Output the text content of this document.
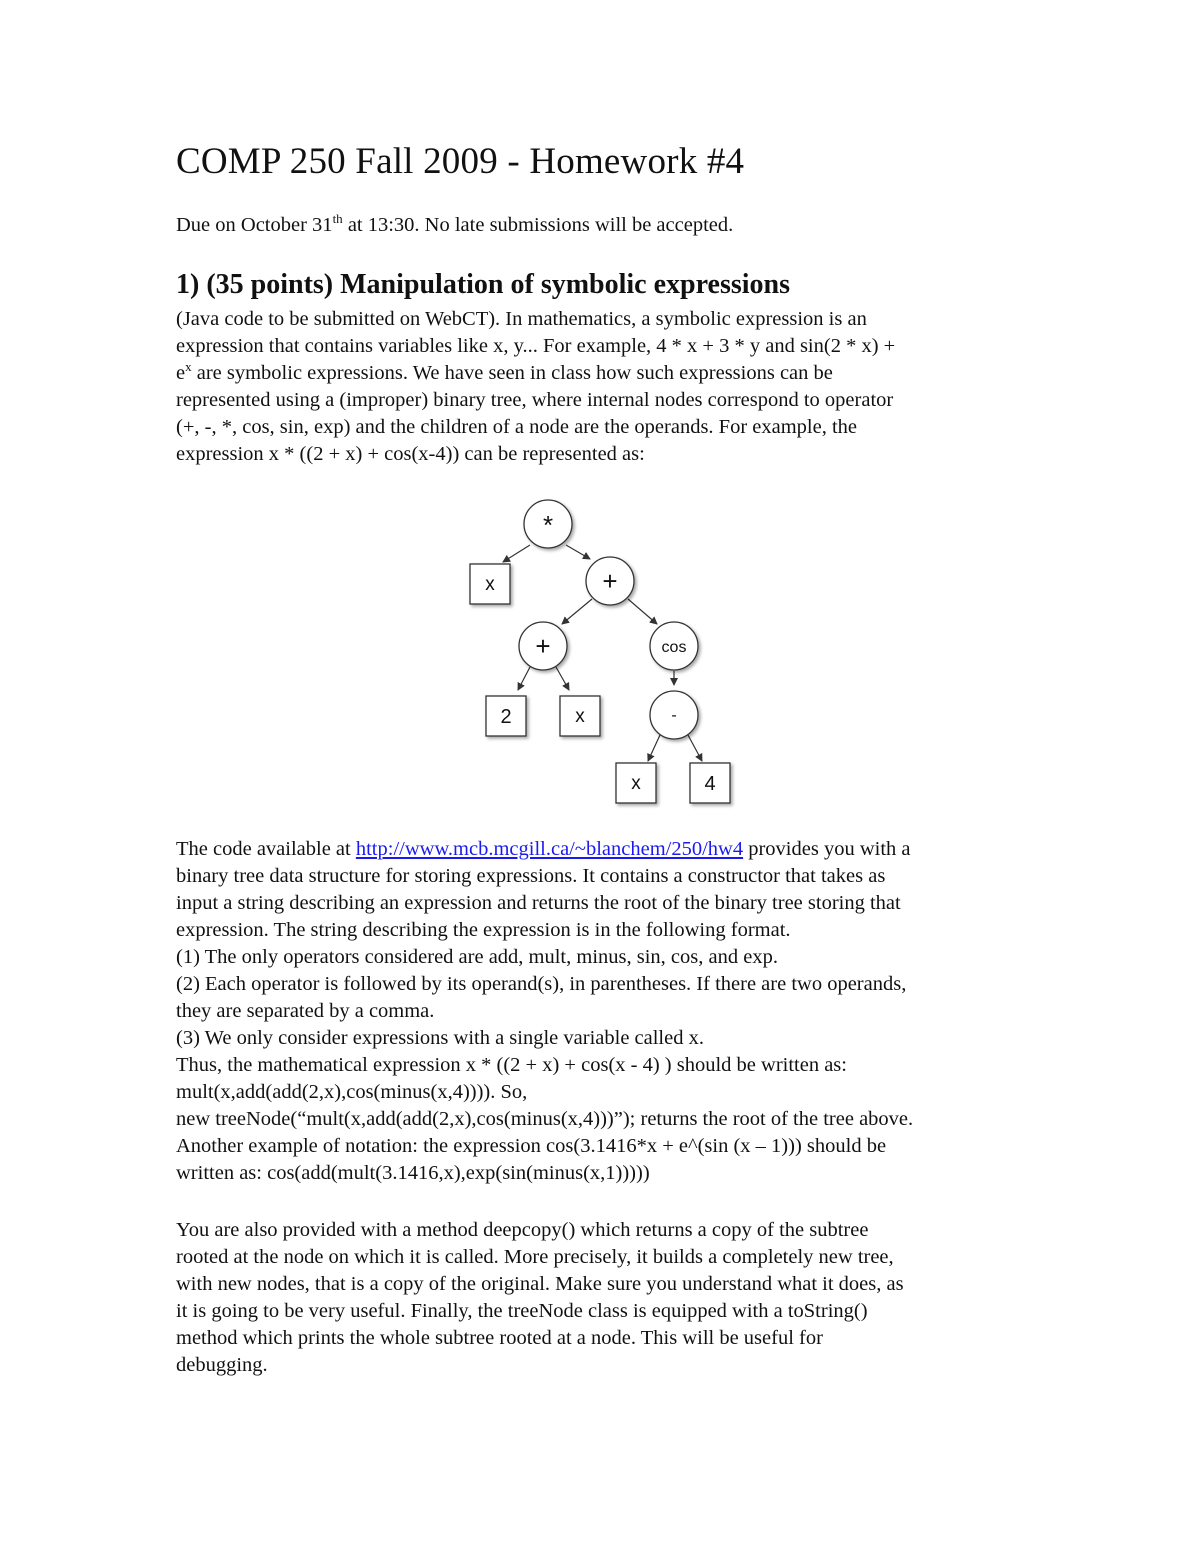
COMP 250 Fall 2009 - Homework #4

Due on October 31th at 13:30. No late submissions will be accepted.

1) (35 points) Manipulation of symbolic expressions
(Java code to be submitted on WebCT). In mathematics, a symbolic expression is an
expression that contains variables like x, y... For example, 4 * x + 3 * y and sin(2 * x) +
$e^x$ are symbolic expressions. We have seen in class how such expressions can be
represented using a (improper) binary tree, where internal nodes correspond to operator
(+, -, *, cos, sin, exp) and the children of a node are the operands. For example, the
expression x * ((2 + x) + cos(x-4)) can be represented as:
*
x	+
+	cos
2	x	-
x	4
The code available at http://www.mcb.mcgill.ca/~blanchem/250/hw4 provides you with a
binary tree data structure for storing expressions. It contains a constructor that takes as
input a string describing an expression and returns the root of the binary tree storing that
expression. The string describing the expression is in the following format.
(1) The only operators considered are add, mult, minus, sin, cos, and exp.
(2) Each operator is followed by its operand(s), in parentheses. If there are two operands,
they are separated by a comma.
(3) We only consider expressions with a single variable called x.
Thus, the mathematical expression x * ((2 + x) + cos(x - 4) ) should be written as:
mult(x,add(add(2,x),cos(minus(x,4)))). So,
new treeNode(“mult(x,add(add(2,x),cos(minus(x,4)))”); returns the root of the tree above.
Another example of notation: the expression cos(3.1416*x + e^(sin (x – 1))) should be
written as: cos(add(mult(3.1416,x),exp(sin(minus(x,1)))))
You are also provided with a method deepcopy() which returns a copy of the subtree
rooted at the node on which it is called. More precisely, it builds a completely new tree,
with new nodes, that is a copy of the original. Make sure you understand what it does, as
it is going to be very useful. Finally, the treeNode class is equipped with a toString()
method which prints the whole subtree rooted at a node. This will be useful for
debugging.
